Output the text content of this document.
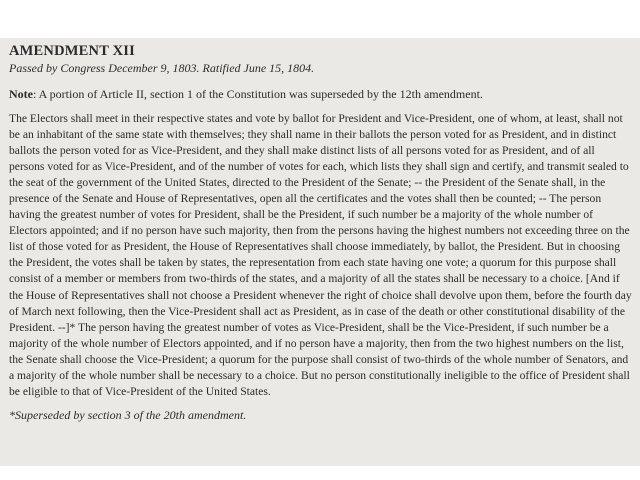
AMENDMENT XII

Passed by Congress December 9, 1803. Ratified June 15, 1804.

Note: A portion of Article II, section 1 of the Constitution was superseded by the 12th amendment.

The Electors shall meet in their respective states and vote by ballot for President and Vice-President, one of whom, at least, shall not be an inhabitant of the same state with themselves; they shall name in their ballots the person voted for as President, and in distinct ballots the person voted for as Vice-President, and they shall make distinct lists of all persons voted for as President, and of all persons voted for as Vice-President, and of the number of votes for each, which lists they shall sign and certify, and transmit sealed to the seat of the government of the United States, directed to the President of the Senate; -- the President of the Senate shall, in the presence of the Senate and House of Representatives, open all the certificates and the votes shall then be counted; -- The person having the greatest number of votes for President, shall be the President, if such number be a majority of the whole number of Electors appointed; and if no person have such majority, then from the persons having the highest numbers not exceeding three on the list of those voted for as President, the House of Representatives shall choose immediately, by ballot, the President. But in choosing the President, the votes shall be taken by states, the representation from each state having one vote; a quorum for this purpose shall consist of a member or members from two-thirds of the states, and a majority of all the states shall be necessary to a choice. [And if the House of Representatives shall not choose a President whenever the right of choice shall devolve upon them, before the fourth day of March next following, then the Vice-President shall act as President, as in case of the death or other constitutional disability of the President. --]* The person having the greatest number of votes as Vice-President, shall be the Vice-President, if such number be a majority of the whole number of Electors appointed, and if no person have a majority, then from the two highest numbers on the list, the Senate shall choose the Vice-President; a quorum for the purpose shall consist of two-thirds of the whole number of Senators, and a majority of the whole number shall be necessary to a choice. But no person constitutionally ineligible to the office of President shall be eligible to that of Vice-President of the United States.

*Superseded by section 3 of the 20th amendment.
